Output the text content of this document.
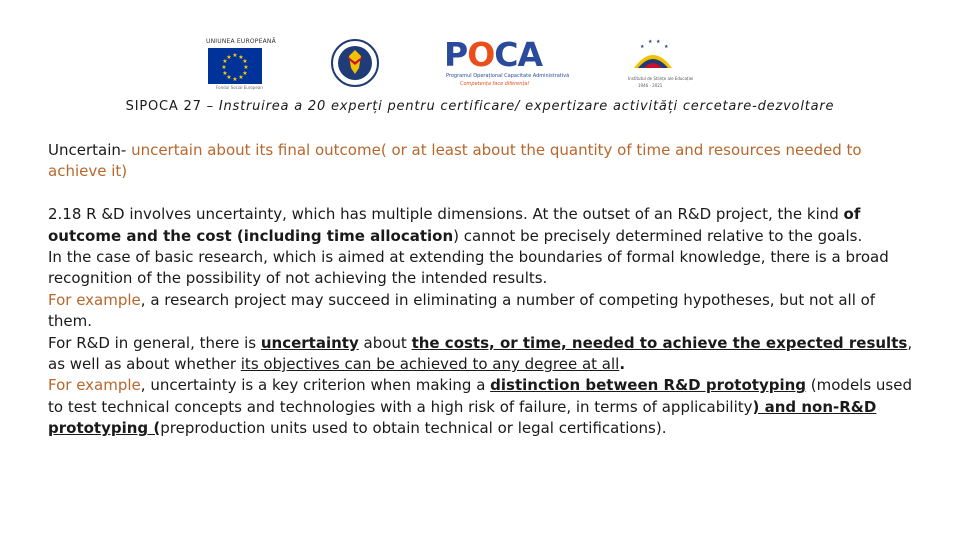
UNIUNEA EUROPEANĂ
★ ★
★
★
★
★
★
★
★
★
★
★
Fondul Social European
POCA
Programul Operațional Capacitate Administrativă
Competența face diferența!
★
★ ★
★
Institutul de Științe ale Educației
1946 - 2021
SIPOCA 27 – Instruirea a 20 experți pentru certificare/ expertizare activități cercetare-dezvoltare

Uncertain- uncertain about its final outcome( or at least about the quantity of time and resources needed to achieve it)

2.18 R &D involves uncertainty, which has multiple dimensions. At the outset of an R&D project, the kind of outcome and the cost (including time allocation) cannot be precisely determined relative to the goals.

In the case of basic research, which is aimed at extending the boundaries of formal knowledge, there is a broad recognition of the possibility of not achieving the intended results.

For example, a research project may succeed in eliminating a number of competing hypotheses, but not all of them.

For R&D in general, there is uncertainty about the costs, or time, needed to achieve the expected results, as well as about whether its objectives can be achieved to any degree at all.

For example, uncertainty is a key criterion when making a distinction between R&D prototyping (models used to test technical concepts and technologies with a high risk of failure, in terms of applicability) and non-R&D prototyping (preproduction units used to obtain technical or legal certifications).
